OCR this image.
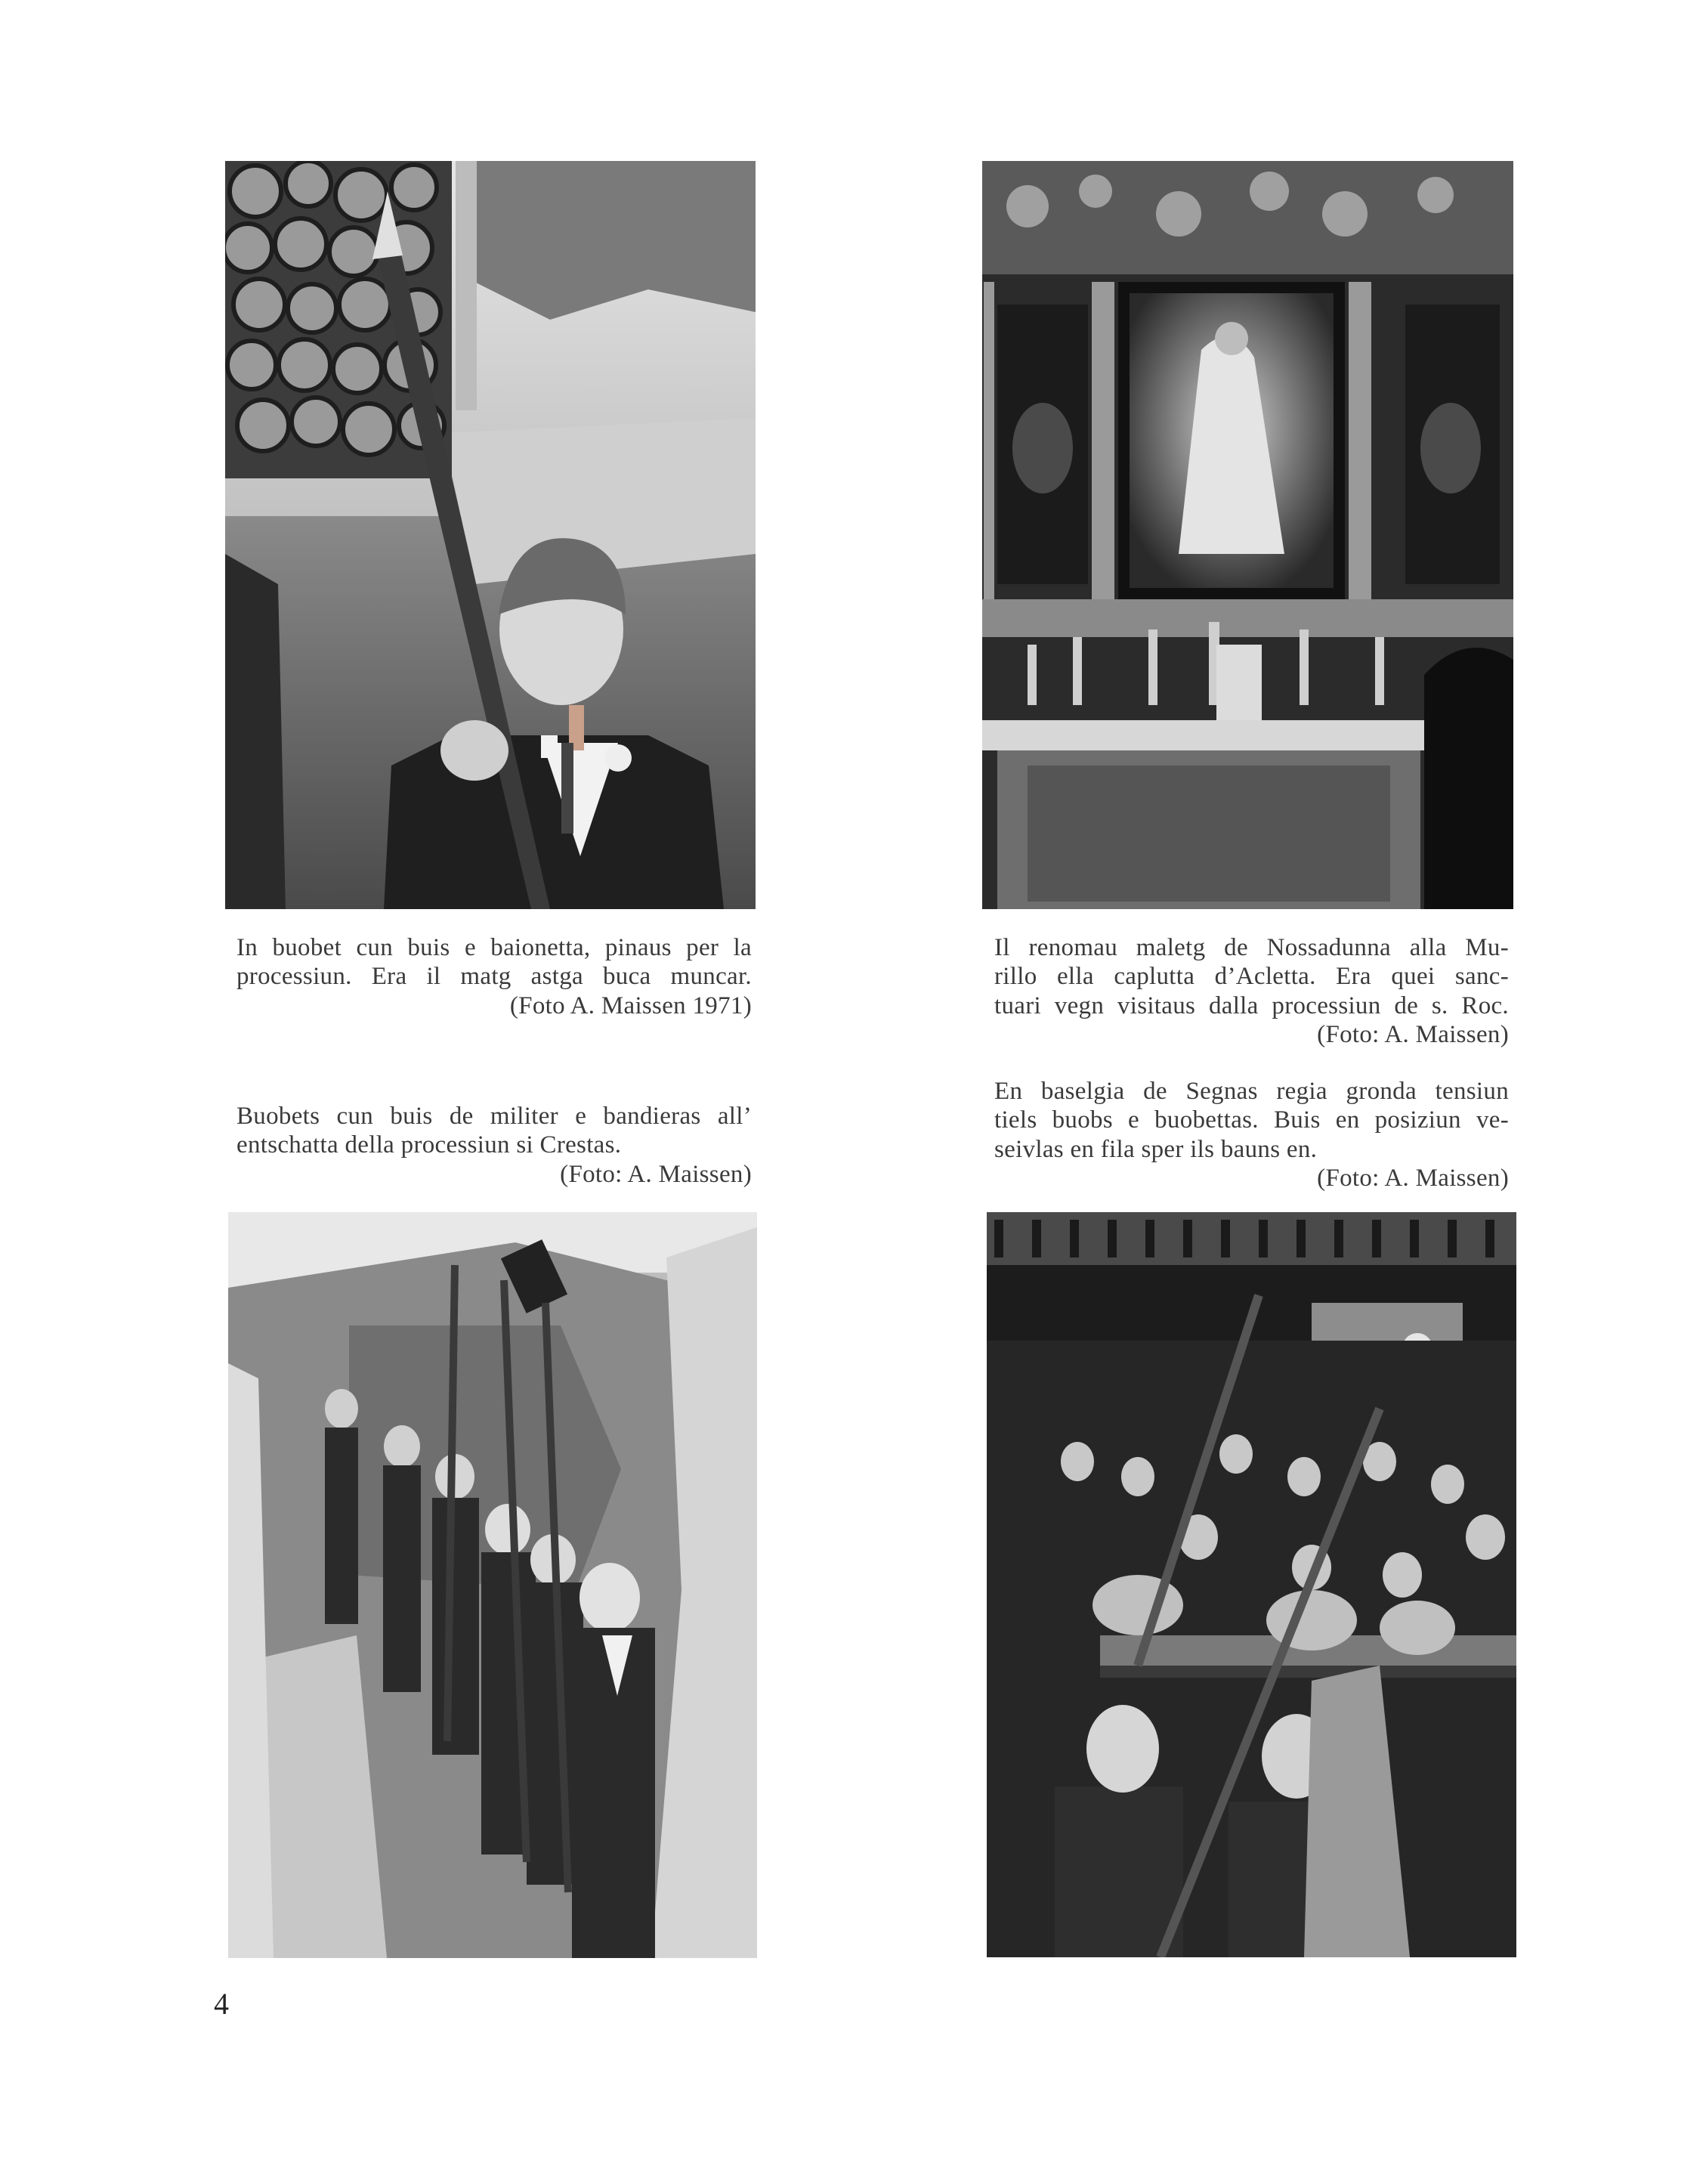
In buobet cun buis e baionetta, pinaus per la
processiun. Era il matg astga buca muncar.
(Foto A. Maissen 1971)
Il renomau maletg de Nossadunna alla Mu-
rillo ella caplutta d’Acletta. Era quei sanc-
tuari vegn visitaus dalla processiun de s. Roc.
(Foto: A. Maissen)
Buobets cun buis de militer e bandieras all’
entschatta della processiun si Crestas.
(Foto: A. Maissen)
En baselgia de Segnas regia gronda tensiun
tiels buobs e buobettas. Buis en posiziun ve-
seivlas en fila sper ils bauns en.
(Foto: A. Maissen)
4
